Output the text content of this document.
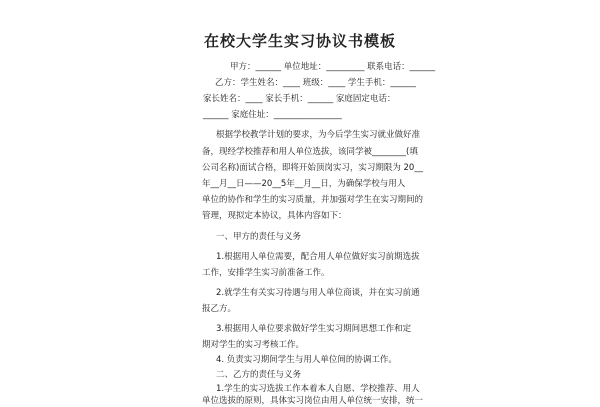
在校大学生实习协议书模板
甲方：______ 单位地址：_________ 联系电话：______
乙方：学生姓名：____ 班级：____ 学生手机：______
家长姓名：____ 家长手机：______ 家庭固定电话：
______ 家庭住址：________________
根据学校教学计划的要求，为今后学生实习就业做好准
备，现经学校推荐和用人单位选拔，该同学被________(填
公司名称)面试合格，即将开始顶岗实习，实习期限为 20__
年__月__日——20__5年__月__日，为确保学校与用人
单位的协作和学生的实习质量，并加强对学生在实习期间的
管理，现拟定本协议，具体内容如下：
一、甲方的责任与义务
1.根据用人单位需要，配合用人单位做好实习前期选拔
工作，安排学生实习前准备工作。
2.就学生有关实习待遇与用人单位商谈，并在实习前通
报乙方。
3.根据用人单位要求做好学生实习期间思想工作和定
期对学生的实习考核工作。
4. 负责实习期间学生与用人单位间的协调工作。
二、乙方的责任与义务
1.学生的实习选拔工作本着本人自愿、学校推荐、用人
单位选拔的原则，具体实习岗位由用人单位统一安排，统一
